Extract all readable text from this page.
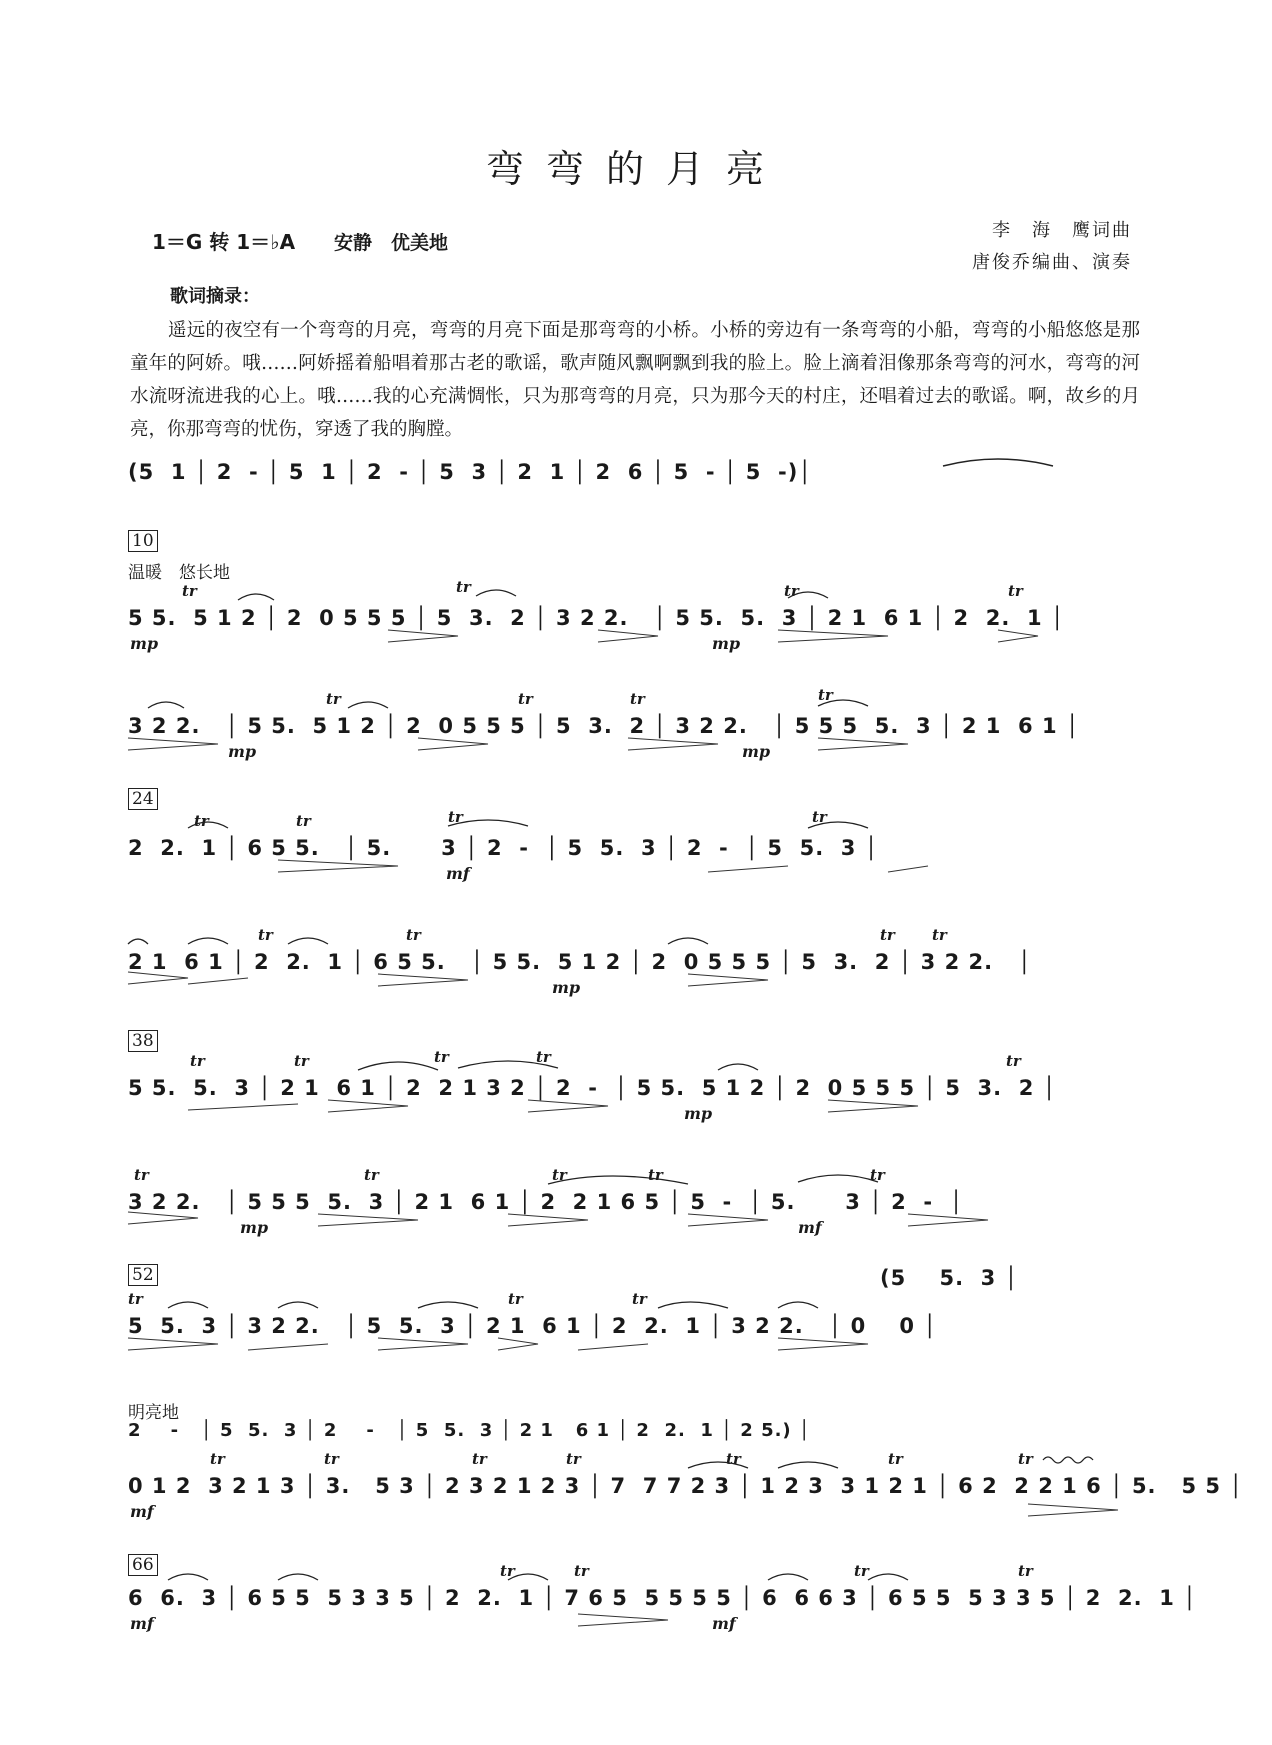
弯弯的月亮
1＝G 转 1＝♭A 安静　优美地
李　海　鹰词曲
唐俊乔编曲、演奏
歌词摘录：

遥远的夜空有一个弯弯的月亮，弯弯的月亮下面是那弯弯的小桥。小桥的旁边有一条弯弯的小船，弯弯的小船悠悠是那童年的阿娇。哦……阿娇摇着船唱着那古老的歌谣，歌声随风飘啊飘到我的脸上。脸上滴着泪像那条弯弯的河水，弯弯的河水流呀流进我的心上。哦……我的心充满惆怅，只为那弯弯的月亮，只为那今天的村庄，还唱着过去的歌谣。啊，故乡的月亮，你那弯弯的忧伤，穿透了我的胸膛。

(5  1 │ 2  - │ 5  1 │ 2  - │ 5  3 │ 2  1 │ 2  6 │ 5  - │ 5  -)│
10
温暖　悠长地
tr	tr	tr	tr
5 5.  5 1 2 │ 2  0 5 5 5 │ 5  3.  2 │ 3 2 2.   │ 5 5.  5.  3 │ 2 1  6 1 │ 2  2.  1 │
mp	mp
tr	tr	tr	tr
3 2 2.   │ 5 5.  5 1 2 │ 2  0 5 5 5 │ 5  3.  2 │ 3 2 2.   │ 5 5 5  5.  3 │ 2 1  6 1 │
mp	mp
24
tr	tr	tr	tr
2  2.  1 │ 6 5 5.   │ 5.      3 │ 2  -  │ 5  5.  3 │ 2  -  │ 5  5.  3 │
mf
tr	tr	tr tr
2 1  6 1 │ 2  2.  1 │ 6 5 5.   │ 5 5.  5 1 2 │ 2  0 5 5 5 │ 5  3.  2 │ 3 2 2.   │
mp
38
tr	tr	tr	tr	tr
5 5.  5.  3 │ 2 1  6 1 │ 2  2 1 3 2 │ 2  -  │ 5 5.  5 1 2 │ 2  0 5 5 5 │ 5  3.  2 │
mp
tr	tr	tr	tr	tr
3 2 2.   │ 5 5 5  5.  3 │ 2 1  6 1 │ 2  2 1 6 5 │ 5  -  │ 5.      3 │ 2  -  │
mp	mf
52	(5    5.  3 │
tr	tr	tr
5  5.  3 │ 3 2 2.   │ 5  5.  3 │ 2 1  6 1 │ 2  2.  1 │ 3 2 2.   │ 0    0 │
明亮地
2    -   │ 5  5.  3 │ 2    -   │ 5  5.  3 │ 2 1   6 1 │ 2  2.  1 │ 2 5.) │
tr	tr	tr	tr	tr	tr	tr
0 1 2  3 2 1 3 │ 3.   5 3 │ 2 3 2 1 2 3 │ 7  7 7 2 3 │ 1 2 3  3 1 2 1 │ 6 2  2 2 1 6 │ 5.   5 5 │
mf
66	tr	tr	tr	tr
6  6.  3 │ 6 5 5  5 3 3 5 │ 2  2.  1 │ 7 6 5  5 5 5 5 │ 6  6 6 3 │ 6 5 5  5 3 3 5 │ 2  2.  1 │
mf	mf
